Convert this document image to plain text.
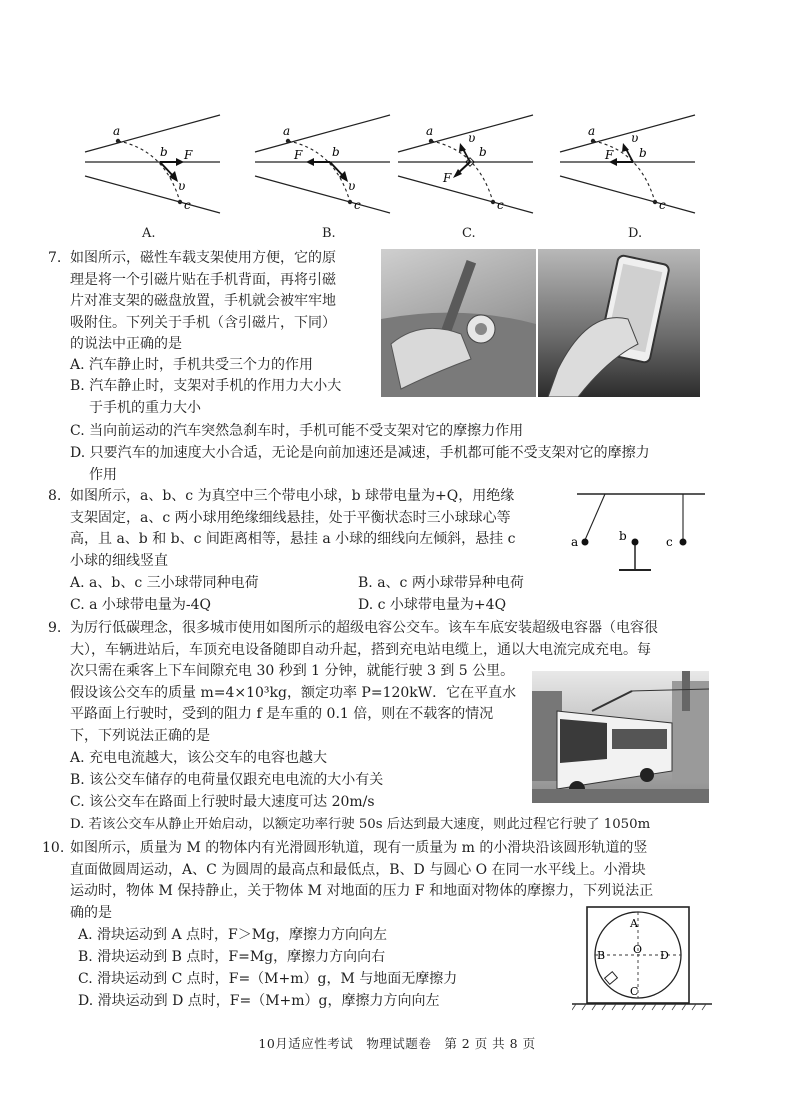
a
b F
υ
c
a
b
F
υ
c
υ
a
b
F
c
υ
a
b
F
c
A.	B.	C.	D.
7. 如图所示，磁性车载支架使用方便，它的原
理是将一个引磁片贴在手机背面，再将引磁
片对准支架的磁盘放置，手机就会被牢牢地
吸附住。下列关于手机（含引磁片，下同）
的说法中正确的是
A. 汽车静止时，手机共受三个力的作用
B. 汽车静止时，支架对手机的作用力大小大
于手机的重力大小
C. 当向前运动的汽车突然急刹车时，手机可能不受支架对它的摩擦力作用
D. 只要汽车的加速度大小合适，无论是向前加速还是减速，手机都可能不受支架对它的摩擦力
作用
8. 如图所示，a、b、c 为真空中三个带电小球，b 球带电量为+Q，用绝缘
支架固定，a、c 两小球用绝缘细线悬挂，处于平衡状态时三小球球心等
高，且 a、b 和 b、c 间距离相等，悬挂 a 小球的细线向左倾斜，悬挂 c
小球的细线竖直
A. a、b、c 三小球带同种电荷	B. a、c 两小球带异种电荷
C. a 小球带电量为-4Q	D. c 小球带电量为+4Q
a	b	c
9. 为厉行低碳理念，很多城市使用如图所示的超级电容公交车。该车车底安装超级电容器（电容很
大），车辆进站后，车顶充电设备随即自动升起，搭到充电站电缆上，通以大电流完成充电。每
次只需在乘客上下车间隙充电 30 秒到 1 分钟，就能行驶 3 到 5 公里。
假设该公交车的质量 m=4×10³kg，额定功率 P=120kW．它在平直水
平路面上行驶时，受到的阻力 f 是车重的 0.1 倍，则在不载客的情况
下，下列说法正确的是
A. 充电电流越大，该公交车的电容也越大
B. 该公交车储存的电荷量仅跟充电电流的大小有关
C. 该公交车在路面上行驶时最大速度可达 20m/s
D. 若该公交车从静止开始启动，以额定功率行驶 50s 后达到最大速度，则此过程它行驶了 1050m
10. 如图所示，质量为 M 的物体内有光滑圆形轨道，现有一质量为 m 的小滑块沿该圆形轨道的竖
直面做圆周运动，A、C 为圆周的最高点和最低点，B、D 与圆心 O 在同一水平线上。小滑块
运动时，物体 M 保持静止，关于物体 M 对地面的压力 F 和地面对物体的摩擦力，下列说法正
确的是
A. 滑块运动到 A 点时，F＞Mg，摩擦力方向向左
B. 滑块运动到 B 点时，F=Mg，摩擦力方向向右
C. 滑块运动到 C 点时，F=（M+m）g，M 与地面无摩擦力
D. 滑块运动到 D 点时，F=（M+m）g，摩擦力方向向左
A
B	O D
C
10月适应性考试　物理试题卷　第 2 页 共 8 页
